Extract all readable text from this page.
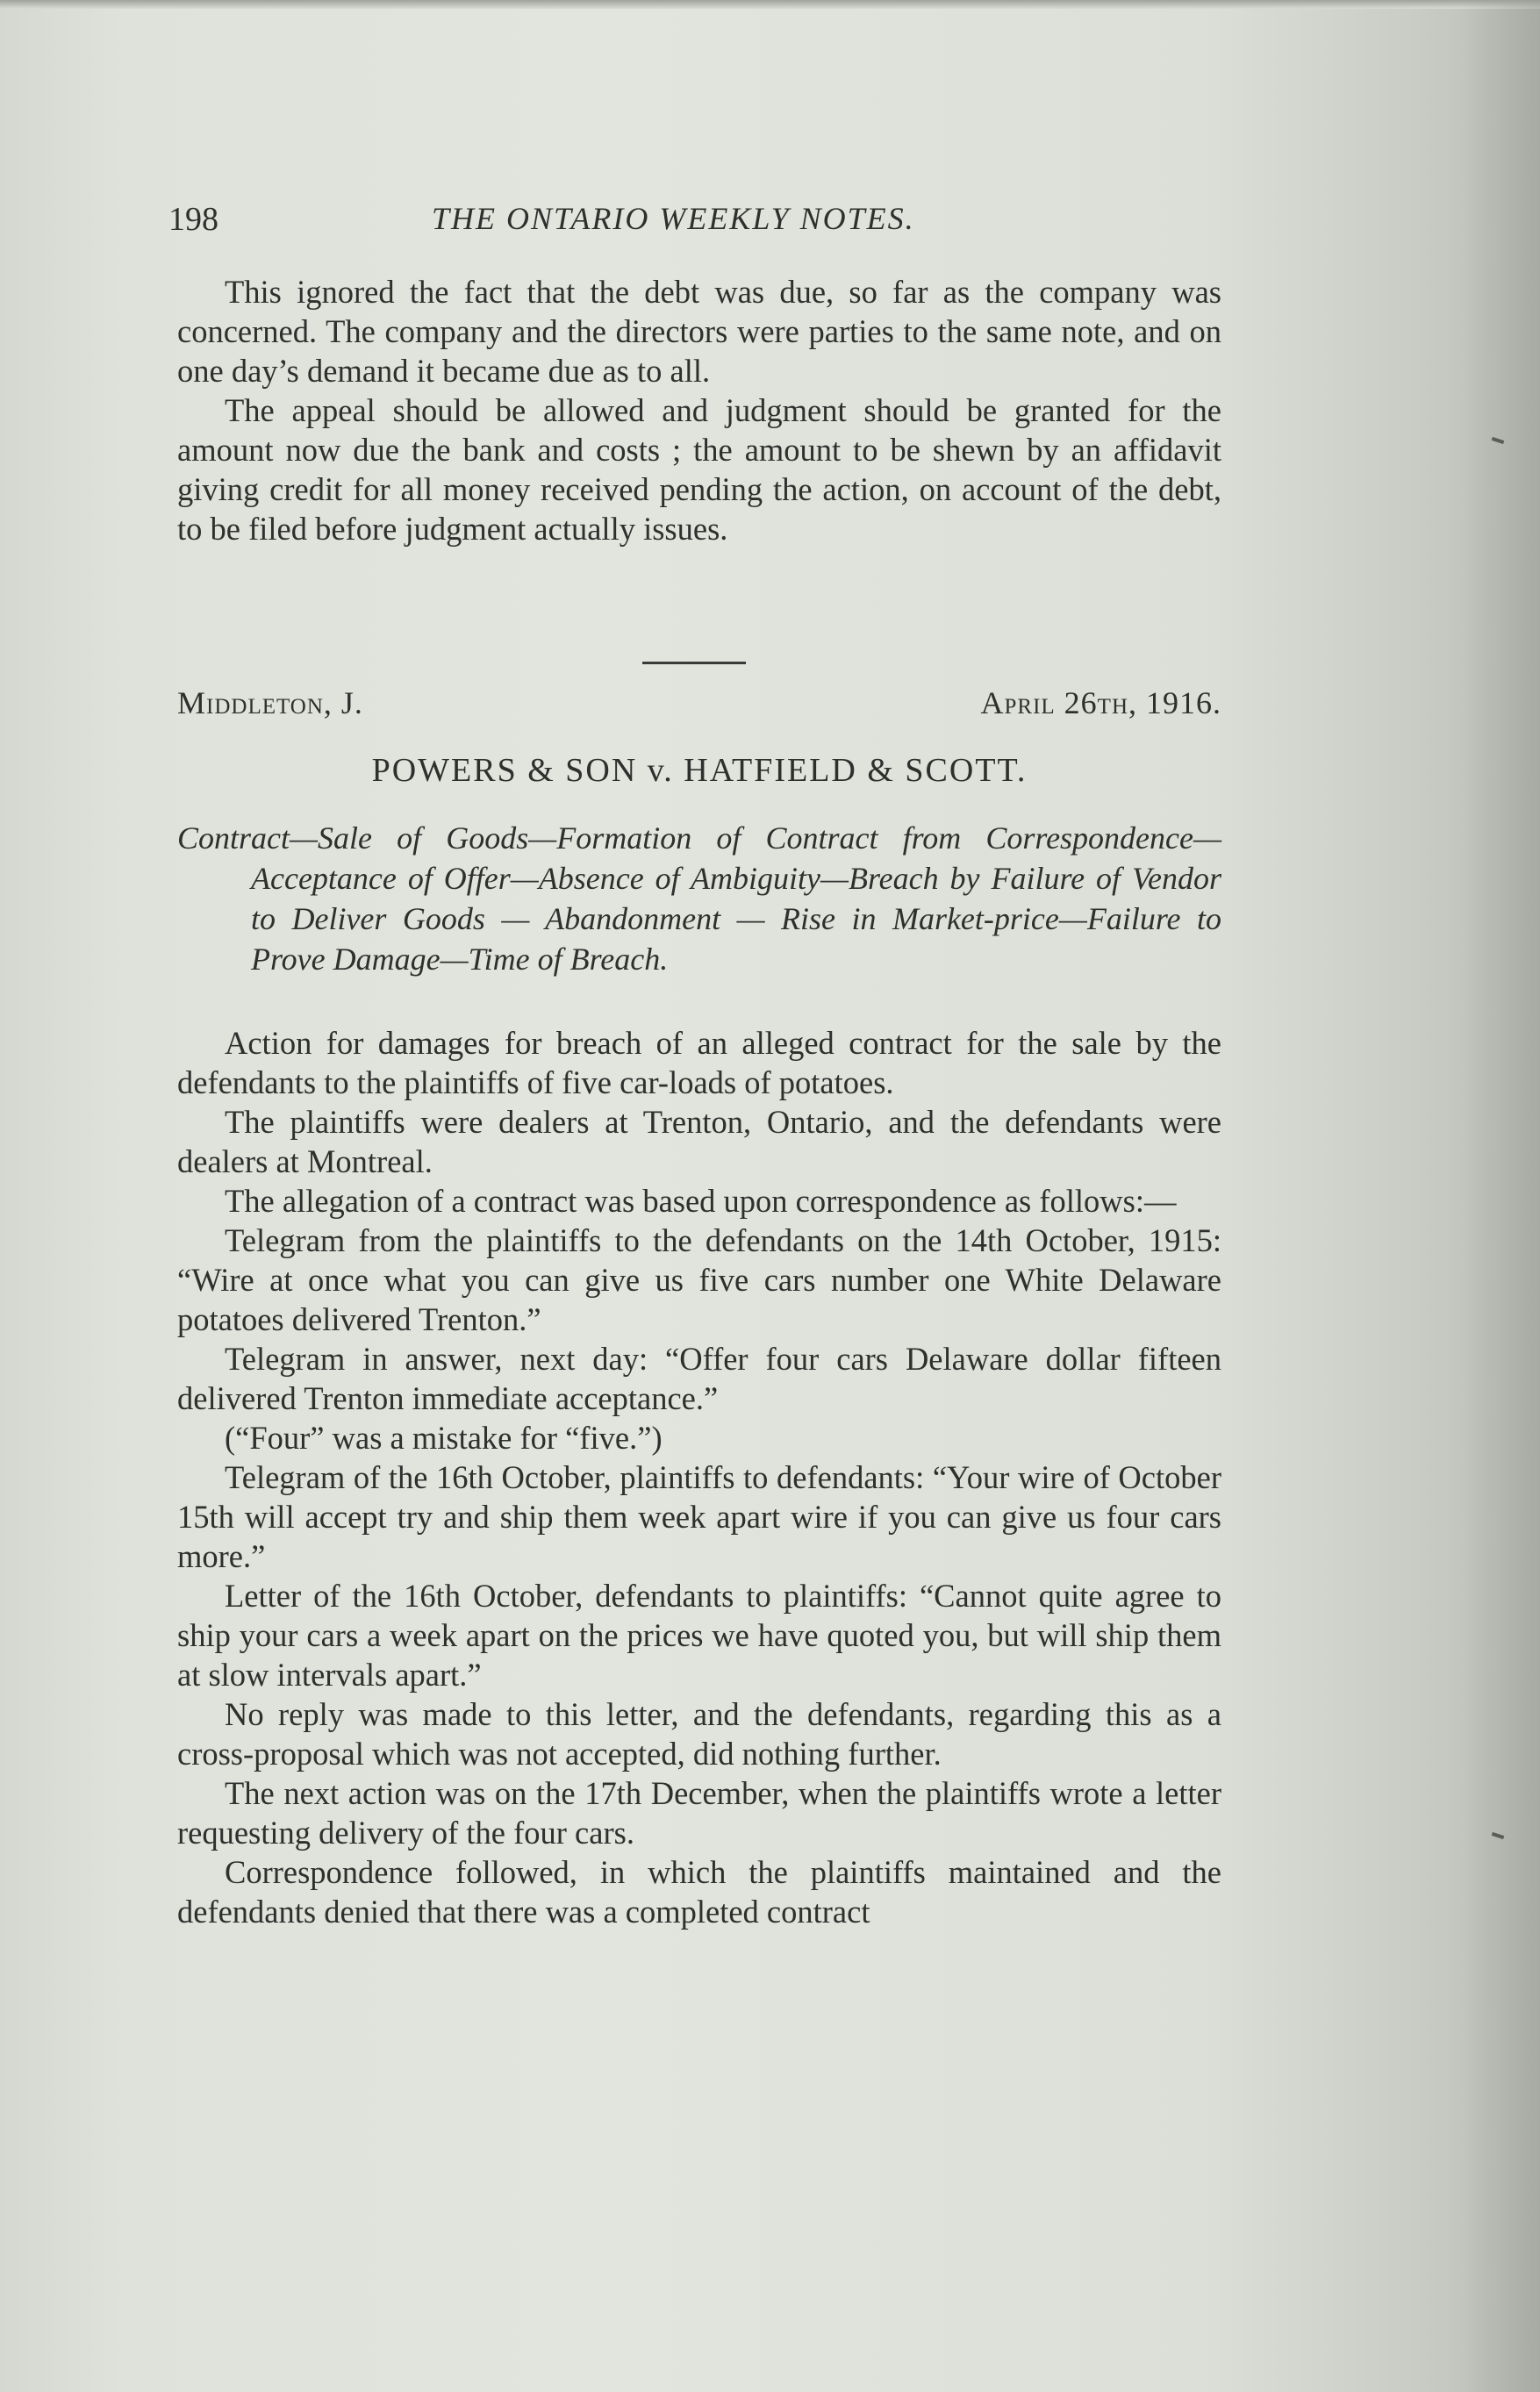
198	THE ONTARIO WEEKLY NOTES.

This ignored the fact that the debt was due, so far as the company was concerned. The company and the directors were parties to the same note, and on one day’s demand it became due as to all.

The appeal should be allowed and judgment should be granted for the amount now due the bank and costs ; the amount to be shewn by an affidavit giving credit for all money received pending the action, on account of the debt, to be filed before judgment actually issues.

Middleton, J.	April 26th, 1916.
POWERS & SON v. HATFIELD & SCOTT.

Contract—Sale of Goods—Formation of Contract from Correspondence—Acceptance of Offer—Absence of Ambiguity—Breach by Failure of Vendor to Deliver Goods — Abandonment — Rise in Market-price—Failure to Prove Damage—Time of Breach.

Action for damages for breach of an alleged contract for the sale by the defendants to the plaintiffs of five car-loads of potatoes.

The plaintiffs were dealers at Trenton, Ontario, and the defendants were dealers at Montreal.

The allegation of a contract was based upon correspondence as follows:—

Telegram from the plaintiffs to the defendants on the 14th October, 1915: “Wire at once what you can give us five cars number one White Delaware potatoes delivered Trenton.”

Telegram in answer, next day: “Offer four cars Delaware dollar fifteen delivered Trenton immediate acceptance.”

(“Four” was a mistake for “five.”)

Telegram of the 16th October, plaintiffs to defendants: “Your wire of October 15th will accept try and ship them week apart wire if you can give us four cars more.”

Letter of the 16th October, defendants to plaintiffs: “Cannot quite agree to ship your cars a week apart on the prices we have quoted you, but will ship them at slow intervals apart.”

No reply was made to this letter, and the defendants, regarding this as a cross-proposal which was not accepted, did nothing further.

The next action was on the 17th December, when the plaintiffs wrote a letter requesting delivery of the four cars.

Correspondence followed, in which the plaintiffs maintained and the defendants denied that there was a completed contract
